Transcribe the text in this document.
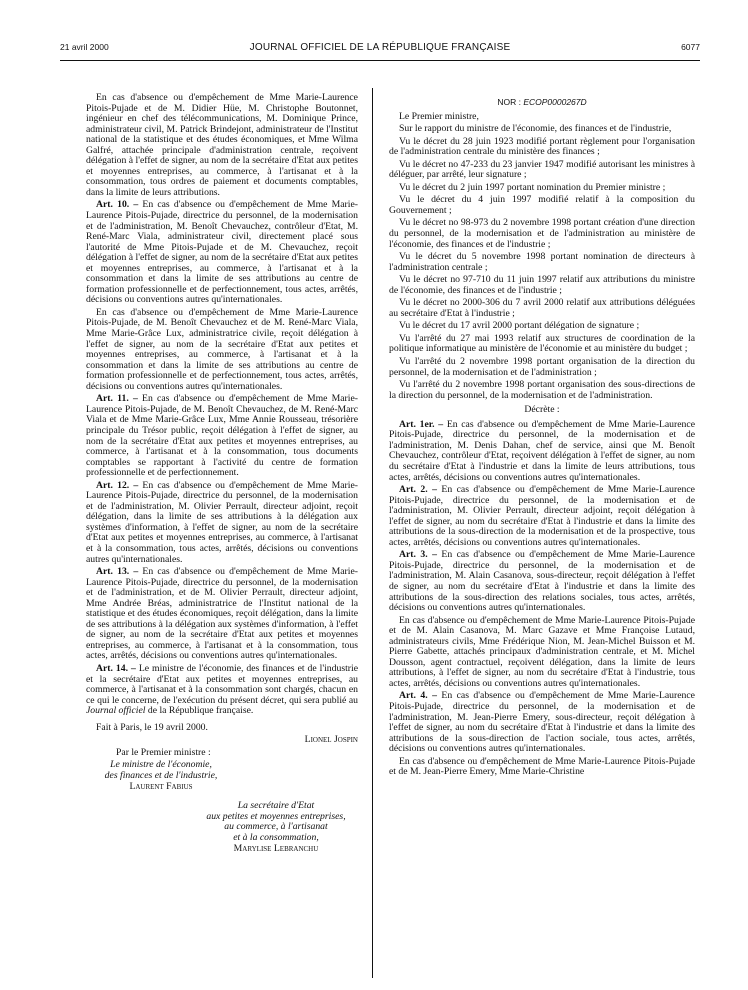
21 avril 2000	JOURNAL OFFICIEL DE LA RÉPUBLIQUE FRANÇAISE	6077

En cas d'absence ou d'empêchement de Mme Marie-Laurence Pitois-Pujade et de M. Didier Hüe, M. Christophe Boutonnet, ingénieur en chef des télécommunications, M. Dominique Prince, administrateur civil, M. Patrick Brindejont, administrateur de l'Institut national de la statistique et des études économiques, et Mme Wilma Galfré, attachée principale d'administration centrale, reçoivent délégation à l'effet de signer, au nom de la secrétaire d'Etat aux petites et moyennes entreprises, au commerce, à l'artisanat et à la consommation, tous ordres de paiement et documents comptables, dans la limite de leurs attributions.

Art. 10. – En cas d'absence ou d'empêchement de Mme Marie-Laurence Pitois-Pujade, directrice du personnel, de la modernisation et de l'administration, M. Benoît Chevauchez, contrôleur d'Etat, M. René-Marc Viala, administrateur civil, directement placé sous l'autorité de Mme Pitois-Pujade et de M. Chevauchez, reçoit délégation à l'effet de signer, au nom de la secrétaire d'Etat aux petites et moyennes entreprises, au commerce, à l'artisanat et à la consommation et dans la limite de ses attributions au centre de formation professionnelle et de perfectionnement, tous actes, arrêtés, décisions ou conventions autres qu'internationales.

En cas d'absence ou d'empêchement de Mme Marie-Laurence Pitois-Pujade, de M. Benoît Chevauchez et de M. René-Marc Viala, Mme Marie-Grâce Lux, administratrice civile, reçoit délégation à l'effet de signer, au nom de la secrétaire d'Etat aux petites et moyennes entreprises, au commerce, à l'artisanat et à la consommation et dans la limite de ses attributions au centre de formation professionnelle et de perfectionnement, tous actes, arrêtés, décisions ou conventions autres qu'internationales.

Art. 11. – En cas d'absence ou d'empêchement de Mme Marie-Laurence Pitois-Pujade, de M. Benoît Chevauchez, de M. René-Marc Viala et de Mme Marie-Grâce Lux, Mme Annie Rousseau, trésorière principale du Trésor public, reçoit délégation à l'effet de signer, au nom de la secrétaire d'Etat aux petites et moyennes entreprises, au commerce, à l'artisanat et à la consommation, tous documents comptables se rapportant à l'activité du centre de formation professionnelle et de perfectionnement.

Art. 12. – En cas d'absence ou d'empêchement de Mme Marie-Laurence Pitois-Pujade, directrice du personnel, de la modernisation et de l'administration, M. Olivier Perrault, directeur adjoint, reçoit délégation, dans la limite de ses attributions à la délégation aux systèmes d'information, à l'effet de signer, au nom de la secrétaire d'Etat aux petites et moyennes entreprises, au commerce, à l'artisanat et à la consommation, tous actes, arrêtés, décisions ou conventions autres qu'internationales.

Art. 13. – En cas d'absence ou d'empêchement de Mme Marie-Laurence Pitois-Pujade, directrice du personnel, de la modernisation et de l'administration, et de M. Olivier Perrault, directeur adjoint, Mme Andrée Bréas, administratrice de l'Institut national de la statistique et des études économiques, reçoit délégation, dans la limite de ses attributions à la délégation aux systèmes d'information, à l'effet de signer, au nom de la secrétaire d'Etat aux petites et moyennes entreprises, au commerce, à l'artisanat et à la consommation, tous actes, arrêtés, décisions ou conventions autres qu'internationales.

Art. 14. – Le ministre de l'économie, des finances et de l'industrie et la secrétaire d'Etat aux petites et moyennes entreprises, au commerce, à l'artisanat et à la consommation sont chargés, chacun en ce qui le concerne, de l'exécution du présent décret, qui sera publié au Journal officiel de la République française.

Fait à Paris, le 19 avril 2000.

Lionel Jospin

Par le Premier ministre :

Le ministre de l'économie,
des finances et de l'industrie,
Laurent Fabius
La secrétaire d'Etat
aux petites et moyennes entreprises,
au commerce, à l'artisanat
et à la consommation,
Marylise Lebranchu

NOR : ECOP0000267D

Le Premier ministre,

Sur le rapport du ministre de l'économie, des finances et de l'industrie,

Vu le décret du 28 juin 1923 modifié portant règlement pour l'organisation de l'administration centrale du ministère des finances ;

Vu le décret no 47-233 du 23 janvier 1947 modifié autorisant les ministres à déléguer, par arrêté, leur signature ;

Vu le décret du 2 juin 1997 portant nomination du Premier ministre ;

Vu le décret du 4 juin 1997 modifié relatif à la composition du Gouvernement ;

Vu le décret no 98-973 du 2 novembre 1998 portant création d'une direction du personnel, de la modernisation et de l'administration au ministère de l'économie, des finances et de l'industrie ;

Vu le décret du 5 novembre 1998 portant nomination de directeurs à l'administration centrale ;

Vu le décret no 97-710 du 11 juin 1997 relatif aux attributions du ministre de l'économie, des finances et de l'industrie ;

Vu le décret no 2000-306 du 7 avril 2000 relatif aux attributions déléguées au secrétaire d'Etat à l'industrie ;

Vu le décret du 17 avril 2000 portant délégation de signature ;

Vu l'arrêté du 27 mai 1993 relatif aux structures de coordination de la politique informatique au ministère de l'économie et au ministère du budget ;

Vu l'arrêté du 2 novembre 1998 portant organisation de la direction du personnel, de la modernisation et de l'administration ;

Vu l'arrêté du 2 novembre 1998 portant organisation des sous-directions de la direction du personnel, de la modernisation et de l'administration.

Décrète :

Art. 1er. – En cas d'absence ou d'empêchement de Mme Marie-Laurence Pitois-Pujade, directrice du personnel, de la modernisation et de l'administration, M. Denis Dahan, chef de service, ainsi que M. Benoît Chevauchez, contrôleur d'Etat, reçoivent délégation à l'effet de signer, au nom du secrétaire d'Etat à l'industrie et dans la limite de leurs attributions, tous actes, arrêtés, décisions ou conventions autres qu'internationales.

Art. 2. – En cas d'absence ou d'empêchement de Mme Marie-Laurence Pitois-Pujade, directrice du personnel, de la modernisation et de l'administration, M. Olivier Perrault, directeur adjoint, reçoit délégation à l'effet de signer, au nom du secrétaire d'Etat à l'industrie et dans la limite des attributions de la sous-direction de la modernisation et de la prospective, tous actes, arrêtés, décisions ou conventions autres qu'internationales.

Art. 3. – En cas d'absence ou d'empêchement de Mme Marie-Laurence Pitois-Pujade, directrice du personnel, de la modernisation et de l'administration, M. Alain Casanova, sous-directeur, reçoit délégation à l'effet de signer, au nom du secrétaire d'Etat à l'industrie et dans la limite des attributions de la sous-direction des relations sociales, tous actes, arrêtés, décisions ou conventions autres qu'internationales.

En cas d'absence ou d'empêchement de Mme Marie-Laurence Pitois-Pujade et de M. Alain Casanova, M. Marc Gazave et Mme Françoise Lutaud, administrateurs civils, Mme Frédérique Nion, M. Jean-Michel Buisson et M. Pierre Gabette, attachés principaux d'administration centrale, et M. Michel Dousson, agent contractuel, reçoivent délégation, dans la limite de leurs attributions, à l'effet de signer, au nom du secrétaire d'Etat à l'industrie, tous actes, arrêtés, décisions ou conventions autres qu'internationales.

Art. 4. – En cas d'absence ou d'empêchement de Mme Marie-Laurence Pitois-Pujade, directrice du personnel, de la modernisation et de l'administration, M. Jean-Pierre Emery, sous-directeur, reçoit délégation à l'effet de signer, au nom du secrétaire d'Etat à l'industrie et dans la limite des attributions de la sous-direction de l'action sociale, tous actes, arrêtés, décisions ou conventions autres qu'internationales.

En cas d'absence ou d'empêchement de Mme Marie-Laurence Pitois-Pujade et de M. Jean-Pierre Emery, Mme Marie-Christine
